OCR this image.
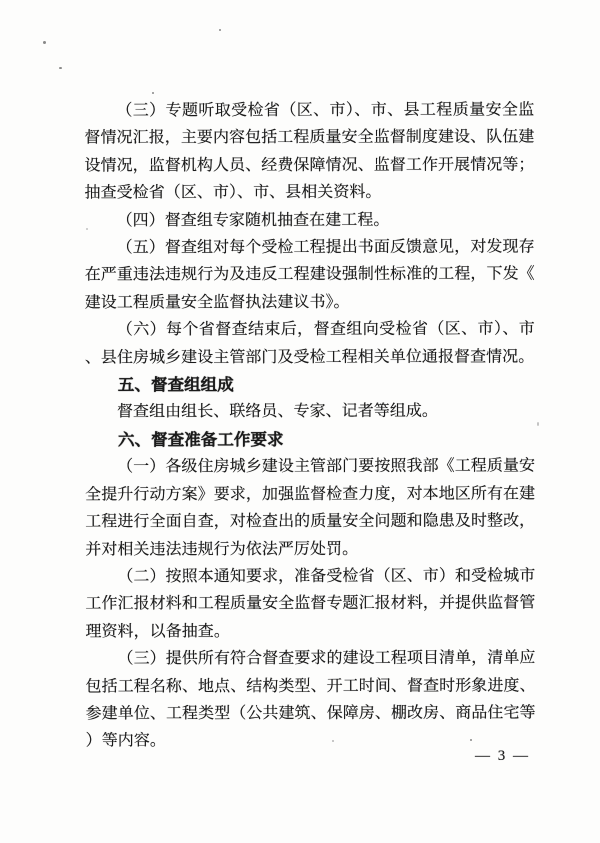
（三）专题听取受检省（区、市）、市、县工程质量安全监督情况汇报，主要内容包括工程质量安全监督制度建设、队伍建设情况，监督机构人员、经费保障情况、监督工作开展情况等；抽查受检省（区、市）、市、县相关资料。

（四）督查组专家随机抽查在建工程。

（五）督查组对每个受检工程提出书面反馈意见，对发现存在严重违法违规行为及违反工程建设强制性标准的工程，下发《建设工程质量安全监督执法建议书》。

（六）每个省督查结束后，督查组向受检省（区、市）、市、县住房城乡建设主管部门及受检工程相关单位通报督查情况。

五、督查组组成

督查组由组长、联络员、专家、记者等组成。

六、督查准备工作要求

（一）各级住房城乡建设主管部门要按照我部《工程质量安全提升行动方案》要求，加强监督检查力度，对本地区所有在建工程进行全面自查，对检查出的质量安全问题和隐患及时整改，并对相关违法违规行为依法严厉处罚。

（二）按照本通知要求，准备受检省（区、市）和受检城市工作汇报材料和工程质量安全监督专题汇报材料，并提供监督管理资料，以备抽查。

（三）提供所有符合督查要求的建设工程项目清单，清单应包括工程名称、地点、结构类型、开工时间、督查时形象进度、参建单位、工程类型（公共建筑、保障房、棚改房、商品住宅等）等内容。

— 3 —
